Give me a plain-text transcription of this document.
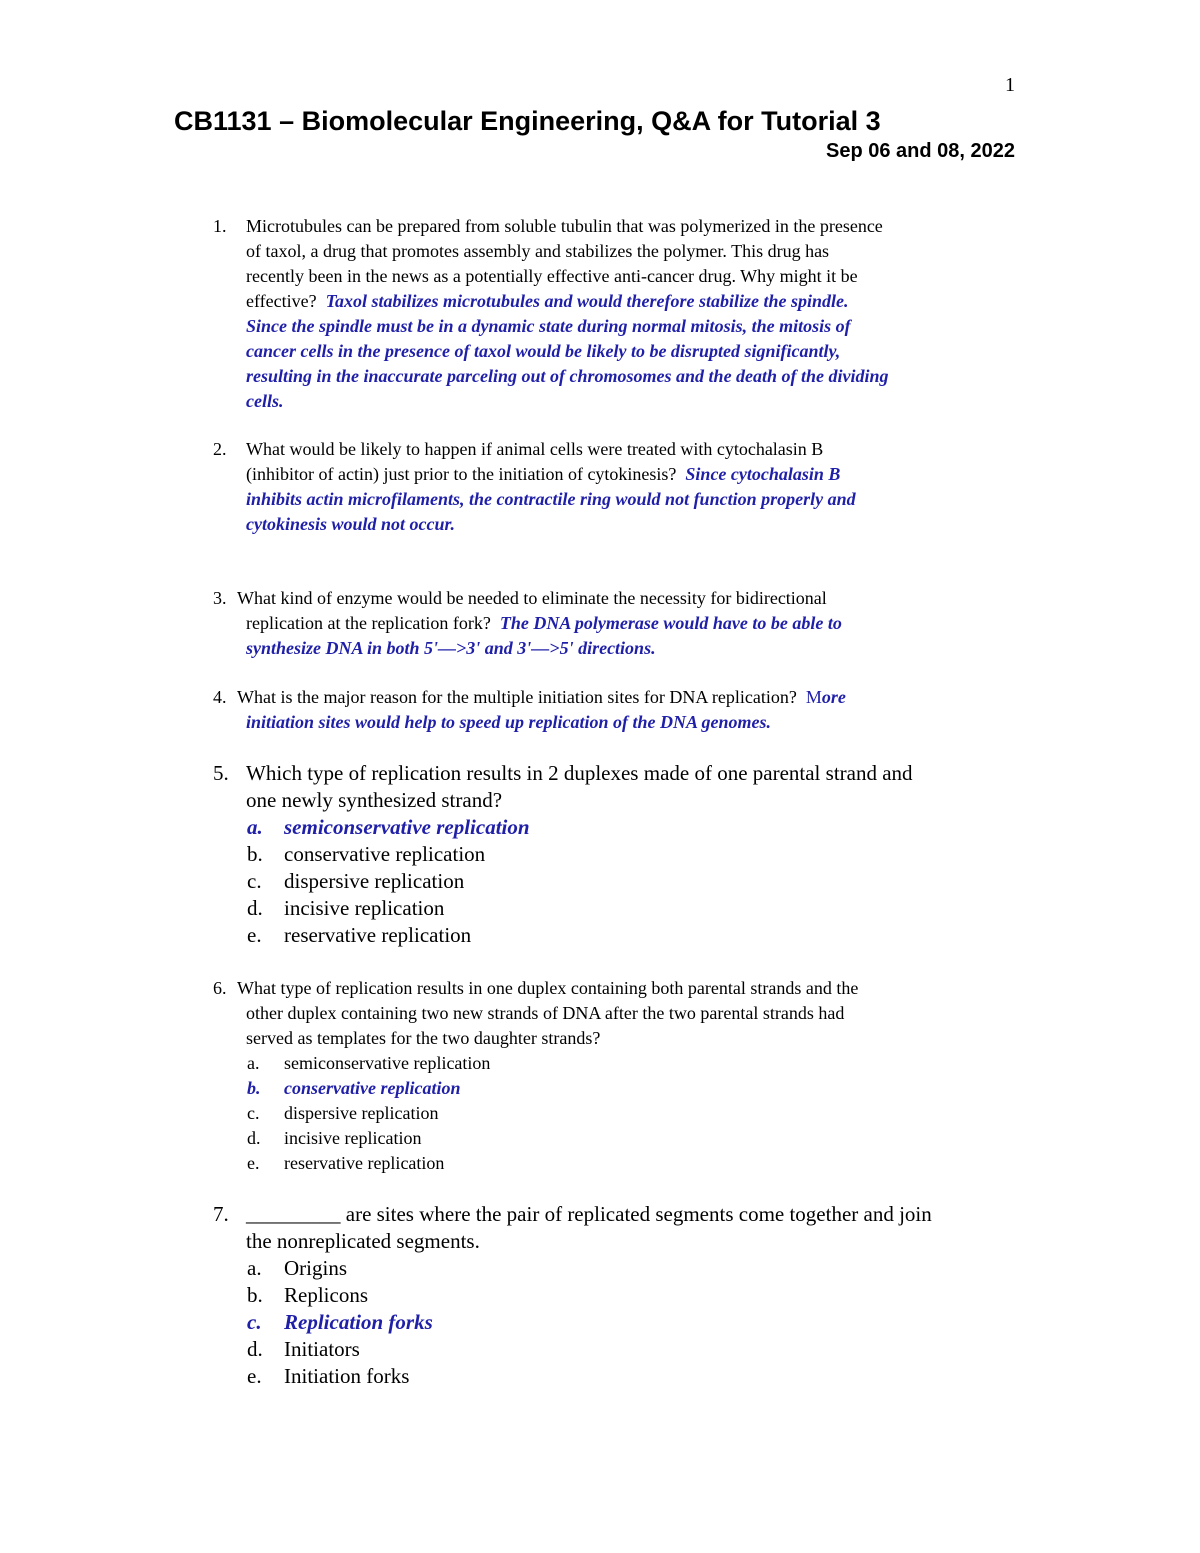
1
CB1131 – Biomolecular Engineering, Q&A for Tutorial 3
Sep 06 and 08, 2022
1. Microtubules can be prepared from soluble tubulin that was polymerized in the presence
of taxol, a drug that promotes assembly and stabilizes the polymer. This drug has
recently been in the news as a potentially effective anti-cancer drug. Why might it be
effective? Taxol stabilizes microtubules and would therefore stabilize the spindle.
Since the spindle must be in a dynamic state during normal mitosis, the mitosis of
cancer cells in the presence of taxol would be likely to be disrupted significantly,
resulting in the inaccurate parceling out of chromosomes and the death of the dividing
cells.
2. What would be likely to happen if animal cells were treated with cytochalasin B
(inhibitor of actin) just prior to the initiation of cytokinesis? Since cytochalasin B
inhibits actin microfilaments, the contractile ring would not function properly and
cytokinesis would not occur.
3. What kind of enzyme would be needed to eliminate the necessity for bidirectional
replication at the replication fork? The DNA polymerase would have to be able to
synthesize DNA in both 5'—>3' and 3'—>5' directions.
4. What is the major reason for the multiple initiation sites for DNA replication? More
initiation sites would help to speed up replication of the DNA genomes.
5. Which type of replication results in 2 duplexes made of one parental strand and
one newly synthesized strand?
a. semiconservative replication
b. conservative replication
c. dispersive replication
d. incisive replication
e. reservative replication
6. What type of replication results in one duplex containing both parental strands and the
other duplex containing two new strands of DNA after the two parental strands had
served as templates for the two daughter strands?
a. semiconservative replication
b. conservative replication
c. dispersive replication
d. incisive replication
e. reservative replication
7. _________ are sites where the pair of replicated segments come together and join
the nonreplicated segments.
a. Origins
b. Replicons
c. Replication forks
d. Initiators
e. Initiation forks
